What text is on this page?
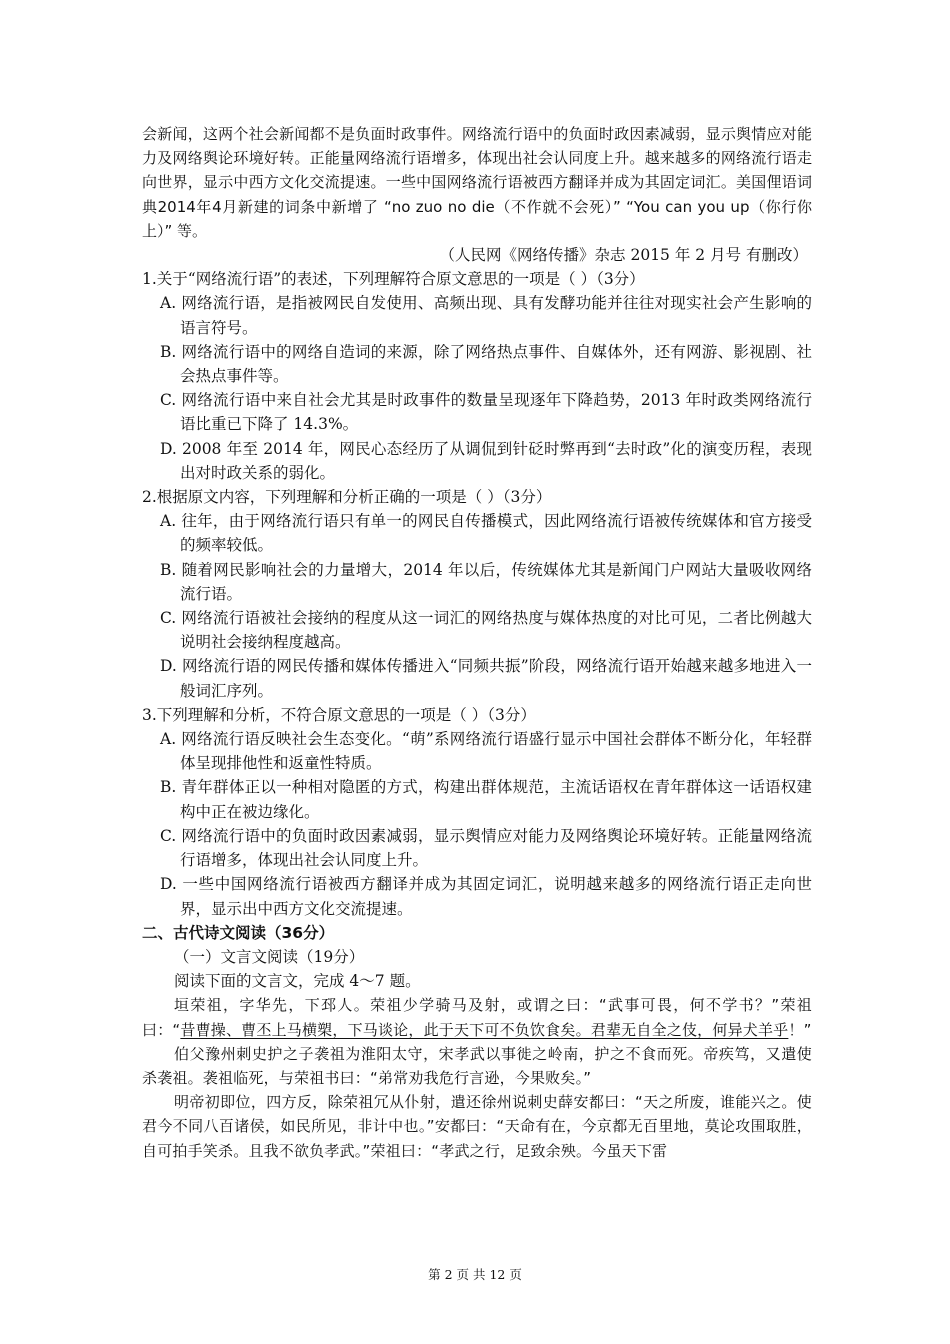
会新闻，这两个社会新闻都不是负面时政事件。网络流行语中的负面时政因素减弱，显示舆情应对能力及网络舆论环境好转。正能量网络流行语增多，体现出社会认同度上升。越来越多的网络流行语走向世界，显示中西方文化交流提速。一些中国网络流行语被西方翻译并成为其固定词汇。美国俚语词典2014年4月新建的词条中新增了 “no zuo no die（不作就不会死）” “You can you up（你行你上）” 等。

（人民网《网络传播》杂志 2015 年 2 月号 有删改）

1.关于“网络流行语”的表述，下列理解符合原文意思的一项是（ ）（3分）

A. 网络流行语，是指被网民自发使用、高频出现、具有发酵功能并往往对现实社会产生影响的语言符号。

B. 网络流行语中的网络自造词的来源，除了网络热点事件、自媒体外，还有网游、影视剧、社会热点事件等。

C. 网络流行语中来自社会尤其是时政事件的数量呈现逐年下降趋势，2013 年时政类网络流行语比重已下降了 14.3%。

D. 2008 年至 2014 年，网民心态经历了从调侃到针砭时弊再到“去时政”化的演变历程，表现出对时政关系的弱化。

2.根据原文内容，下列理解和分析正确的一项是（ ）（3分）

A. 往年，由于网络流行语只有单一的网民自传播模式，因此网络流行语被传统媒体和官方接受的频率较低。

B. 随着网民影响社会的力量增大，2014 年以后，传统媒体尤其是新闻门户网站大量吸收网络流行语。

C. 网络流行语被社会接纳的程度从这一词汇的网络热度与媒体热度的对比可见，二者比例越大说明社会接纳程度越高。

D. 网络流行语的网民传播和媒体传播进入“同频共振”阶段，网络流行语开始越来越多地进入一般词汇序列。

3.下列理解和分析，不符合原文意思的一项是（ ）（3分）

A. 网络流行语反映社会生态变化。“萌”系网络流行语盛行显示中国社会群体不断分化，年轻群体呈现排他性和返童性特质。

B. 青年群体正以一种相对隐匿的方式，构建出群体规范，主流话语权在青年群体这一话语权建构中正在被边缘化。

C. 网络流行语中的负面时政因素减弱，显示舆情应对能力及网络舆论环境好转。正能量网络流行语增多，体现出社会认同度上升。

D. 一些中国网络流行语被西方翻译并成为其固定词汇，说明越来越多的网络流行语正走向世界，显示出中西方文化交流提速。

二、古代诗文阅读（36分）

（一）文言文阅读（19分）

阅读下面的文言文，完成 4～7 题。

垣荣祖，字华先，下邳人。荣祖少学骑马及射，或谓之曰：“武事可畏，何不学书？”荣祖曰：“昔曹操、曹丕上马横槊，下马谈论，此于天下可不负饮食矣。君辈无自全之伎，何异犬羊乎！”

伯父豫州刺史护之子袭祖为淮阳太守，宋孝武以事徙之岭南，护之不食而死。帝疾笃，又遣使杀袭祖。袭祖临死，与荣祖书曰：“弟常劝我危行言逊，今果败矣。”

明帝初即位，四方反，除荣祖冗从仆射，遣还徐州说刺史薛安都曰：“天之所废，谁能兴之。使君今不同八百诸侯，如民所见，非计中也。”安都曰：“天命有在，今京都无百里地，莫论攻围取胜，自可拍手笑杀。且我不欲负孝武。”荣祖曰：“孝武之行，足致余殃。今虽天下雷

第 2 页 共 12 页
